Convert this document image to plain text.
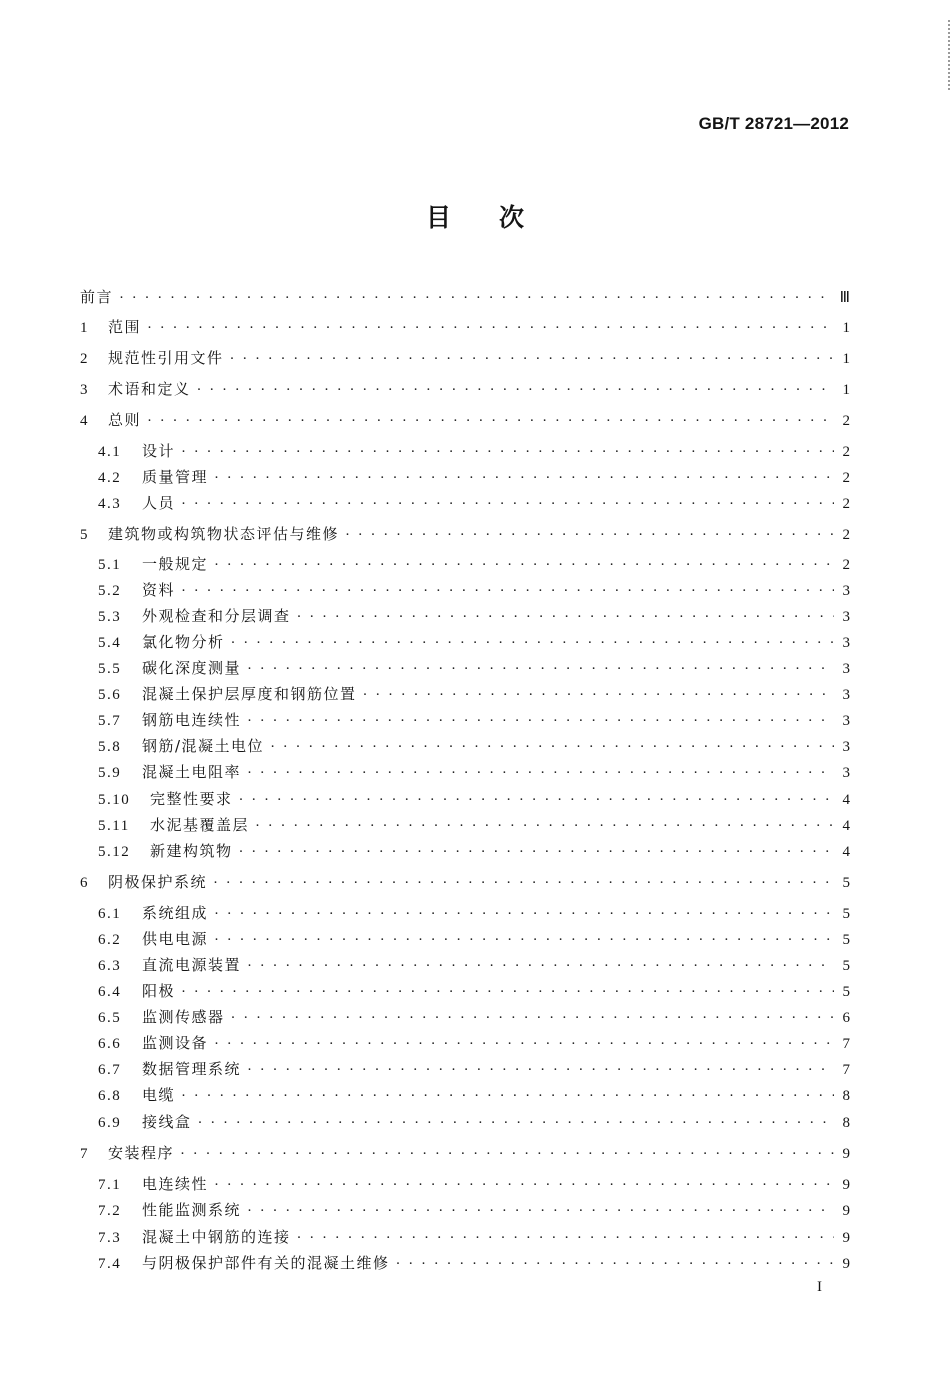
GB/T 28721—2012
目次
前言 · · ·	Ⅲ
1	范围 · · ·	1
2	规范性引用文件 · · ·	1
3	术语和定义 · · ·	1
4	总则 · · ·	2
4.1	设计 · · ·	2
4.2	质量管理 · · ·	2
4.3	人员 · · ·	2
5	建筑物或构筑物状态评估与维修 · · ·	2
5.1	一般规定 · · ·	2
5.2	资料 · · ·	3
5.3	外观检查和分层调查 · · ·	3
5.4	氯化物分析 · · ·	3
5.5	碳化深度测量 · · ·	3
5.6	混凝土保护层厚度和钢筋位置 · · ·	3
5.7	钢筋电连续性 · · ·	3
5.8	钢筋/混凝土电位 · · ·	3
5.9	混凝土电阻率 · · ·	3
5.10	完整性要求 · · ·	4
5.11	水泥基覆盖层 · · ·	4
5.12	新建构筑物 · · ·	4
6	阴极保护系统 · · ·	5
6.1	系统组成 · · ·	5
6.2	供电电源 · · ·	5
6.3	直流电源装置 · · ·	5
6.4	阳极 · · ·	5
6.5	监测传感器 · · ·	6
6.6	监测设备 · · ·	7
6.7	数据管理系统 · · ·	7
6.8	电缆 · · ·	8
6.9	接线盒 · · ·	8
7	安装程序 · · ·	9
7.1	电连续性 · · ·	9
7.2	性能监测系统 · · ·	9
7.3	混凝土中钢筋的连接 · · ·	9
7.4	与阴极保护部件有关的混凝土维修 · · ·	9
I
